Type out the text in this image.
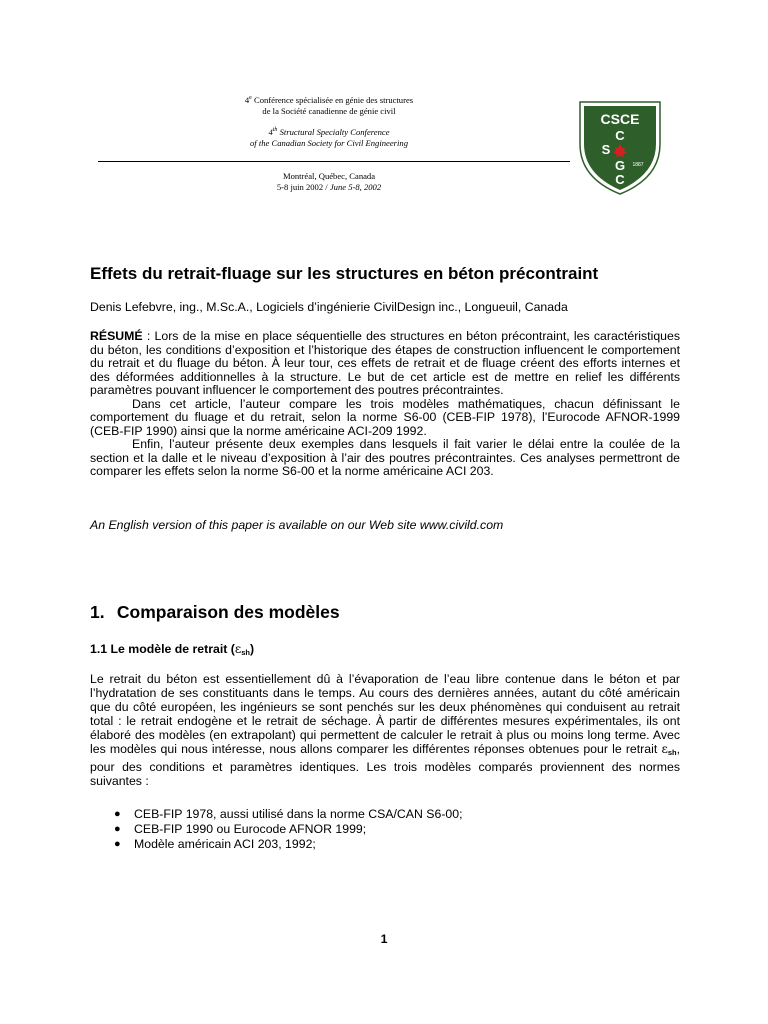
4e Conférence spécialisée en génie des structures
de la Société canadienne de génie civil
4th Structural Specialty Conference
of the Canadian Society for Civil Engineering
Montréal, Québec, Canada
5-8 juin 2002 / June 5-8, 2002
CSCE
C
S
G
C
1887
Effets du retrait-fluage sur les structures en béton précontraint

Denis Lefebvre, ing., M.Sc.A., Logiciels d’ingénierie CivilDesign inc., Longueuil, Canada

RÉSUMÉ : Lors de la mise en place séquentielle des structures en béton précontraint, les caractéristiques du béton, les conditions d’exposition et l’historique des étapes de construction influencent le comportement du retrait et du fluage du béton. À leur tour, ces effets de retrait et de fluage créent des efforts internes et des déformées additionnelles à la structure. Le but de cet article est de mettre en relief les différents paramètres pouvant influencer le comportement des poutres précontraintes.

Dans cet article, l’auteur compare les trois modèles mathématiques, chacun définissant le comportement du fluage et du retrait, selon la norme S6-00 (CEB-FIP 1978), l’Eurocode AFNOR-1999 (CEB-FIP 1990) ainsi que la norme américaine ACI-209 1992.

Enfin, l’auteur présente deux exemples dans lesquels il fait varier le délai entre la coulée de la section et la dalle et le niveau d’exposition à l’air des poutres précontraintes. Ces analyses permettront de comparer les effets selon la norme S6-00 et la norme américaine ACI 203.

An English version of this paper is available on our Web site www.civild.com

1. Comparaison des modèles
1.1 Le modèle de retrait $(\varepsilon_{sh})$

Le retrait du béton est essentiellement dû à l’évaporation de l’eau libre contenue dans le béton et par l’hydratation de ses constituants dans le temps. Au cours des dernières années, autant du côté américain que du côté européen, les ingénieurs se sont penchés sur les deux phénomènes qui conduisent au retrait total : le retrait endogène et le retrait de séchage. À partir de différentes mesures expérimentales, ils ont élaboré des modèles (en extrapolant) qui permettent de calculer le retrait à plus ou moins long terme. Avec les modèles qui nous intéresse, nous allons comparer les différentes réponses obtenues pour le retrait $\varepsilon_{sh}$, pour des conditions et paramètres identiques. Les trois modèles comparés proviennent des normes suivantes :

● CEB-FIP 1978, aussi utilisé dans la norme CSA/CAN S6-00;
● CEB-FIP 1990 ou Eurocode AFNOR 1999;
● Modèle américain ACI 203, 1992;
1
